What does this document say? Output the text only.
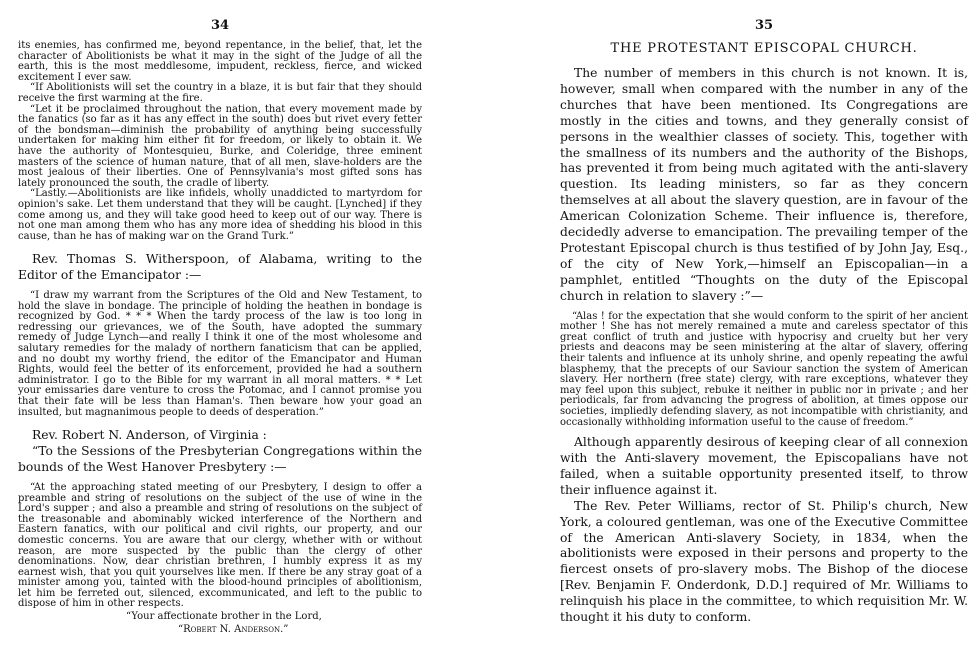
34

its enemies, has confirmed me, beyond repentance, in the belief, that, let the character of Abolitionists be what it may in the sight of the Judge of all the earth, this is the most meddlesome, impudent, reckless, fierce, and wicked excitement I ever saw.

“If Abolitionists will set the country in a blaze, it is but fair that they should receive the first warming at the fire.

“Let it be proclaimed throughout the nation, that every movement made by the fanatics (so far as it has any effect in the south) does but rivet every fetter of the bondsman—diminish the probability of anything being successfully undertaken for making him either fit for freedom, or likely to obtain it. We have the authority of Montesquieu, Burke, and Coleridge, three eminent masters of the science of human nature, that of all men, slave-holders are the most jealous of their liberties. One of Pennsylvania's most gifted sons has lately pronounced the south, the cradle of liberty.

“Lastly.—Abolitionists are like infidels, wholly unaddicted to martyrdom for opinion's sake. Let them understand that they will be caught. [Lynched] if they come among us, and they will take good heed to keep out of our way. There is not one man among them who has any more idea of shedding his blood in this cause, than he has of making war on the Grand Turk.”

Rev. Thomas S. Witherspoon, of Alabama, writing to the Editor of the Emancipator :—

“I draw my warrant from the Scriptures of the Old and New Testament, to hold the slave in bondage. The principle of holding the heathen in bondage is recognized by God. * * * When the tardy process of the law is too long in redressing our grievances, we of the South, have adopted the summary remedy of Judge Lynch—and really I think it one of the most wholesome and salutary remedies for the malady of northern fanaticism that can be applied, and no doubt my worthy friend, the editor of the Emancipator and Human Rights, would feel the better of its enforcement, provided he had a southern administrator. I go to the Bible for my warrant in all moral matters. * * Let your emissaries dare venture to cross the Potomac, and I cannot promise you that their fate will be less than Haman's. Then beware how your goad an insulted, but magnanimous people to deeds of desperation.”

Rev. Robert N. Anderson, of Virginia :

“To the Sessions of the Presbyterian Congregations within the bounds of the West Hanover Presbytery :—

“At the approaching stated meeting of our Presbytery, I design to offer a preamble and string of resolutions on the subject of the use of wine in the Lord's supper ; and also a preamble and string of resolutions on the subject of the treasonable and abominably wicked interference of the Northern and Eastern fanatics, with our political and civil rights, our property, and our domestic concerns. You are aware that our clergy, whether with or without reason, are more suspected by the public than the clergy of other denominations. Now, dear christian brethren, I humbly express it as my earnest wish, that you quit yourselves like men. If there be any stray goat of a minister among you, tainted with the blood-hound principles of abolitionism, let him be ferreted out, silenced, excommunicated, and left to the public to dispose of him in other respects.

“Your affectionate brother in the Lord,
“Robert N. Anderson.”
35
THE PROTESTANT EPISCOPAL CHURCH.

The number of members in this church is not known. It is, however, small when compared with the number in any of the churches that have been mentioned. Its Congregations are mostly in the cities and towns, and they generally consist of persons in the wealthier classes of society. This, together with the smallness of its numbers and the authority of the Bishops, has prevented it from being much agitated with the anti-slavery question. Its leading ministers, so far as they concern themselves at all about the slavery question, are in favour of the American Colonization Scheme. Their influence is, therefore, decidedly adverse to emancipation. The prevailing temper of the Protestant Episcopal church is thus testified of by John Jay, Esq., of the city of New York,—himself an Episcopalian—in a pamphlet, entitled “Thoughts on the duty of the Episcopal church in relation to slavery :”—

“Alas ! for the expectation that she would conform to the spirit of her ancient mother ! She has not merely remained a mute and careless spectator of this great conflict of truth and justice with hypocrisy and cruelty but her very priests and deacons may be seen ministering at the altar of slavery, offering their talents and influence at its unholy shrine, and openly repeating the awful blasphemy, that the precepts of our Saviour sanction the system of American slavery. Her northern (free state) clergy, with rare exceptions, whatever they may feel upon this subject, rebuke it neither in public nor in private ; and her periodicals, far from advancing the progress of abolition, at times oppose our societies, impliedly defending slavery, as not incompatible with christianity, and occasionally withholding information useful to the cause of freedom.”

Although apparently desirous of keeping clear of all connexion with the Anti-slavery movement, the Episcopalians have not failed, when a suitable opportunity presented itself, to throw their influence against it.

The Rev. Peter Williams, rector of St. Philip's church, New York, a coloured gentleman, was one of the Executive Committee of the American Anti-slavery Society, in 1834, when the abolitionists were exposed in their persons and property to the fiercest onsets of pro-slavery mobs. The Bishop of the diocese [Rev. Benjamin F. Onderdonk, D.D.] required of Mr. Williams to relinquish his place in the committee, to which requisition Mr. W. thought it his duty to conform.
